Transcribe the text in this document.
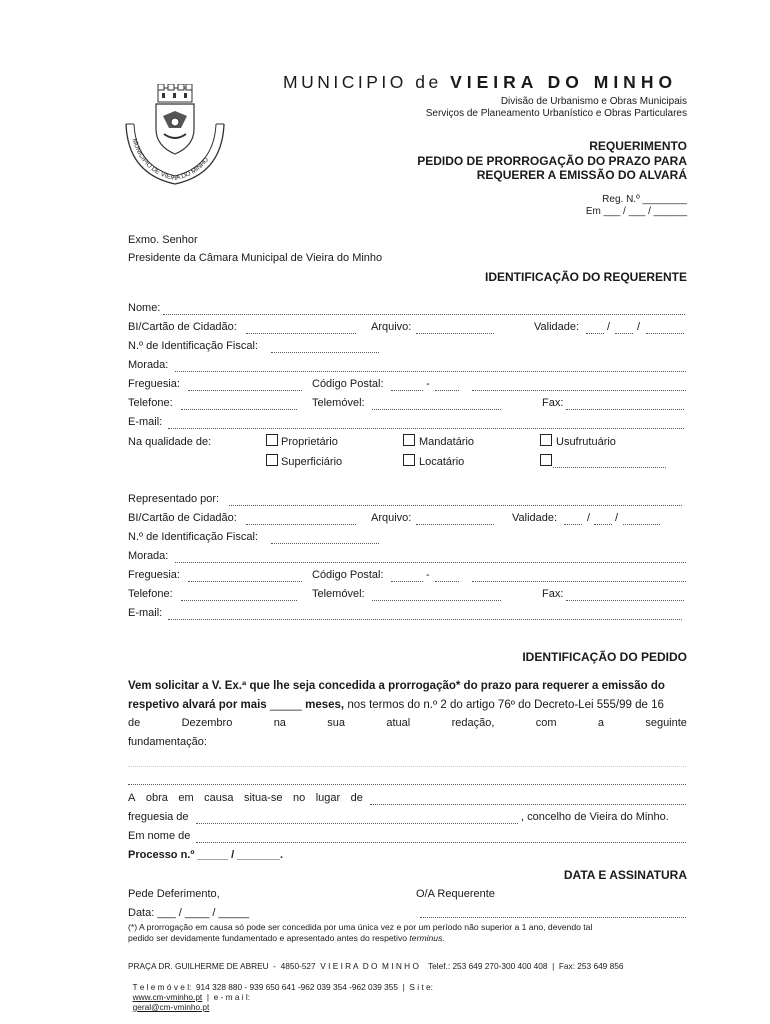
MUNICIPIO DE VIEIRA DO MINHO
MUNICIPIO de VIEIRA DO MINHO
Divisão de Urbanismo e Obras Municipais
Serviços de Planeamento Urbanístico e Obras Particulares
REQUERIMENTO
PEDIDO DE PRORROGAÇÃO DO PRAZO PARA
REQUERER A EMISSÃO DO ALVARÁ
Reg. N.º ________
Em ___ / ___ / ______
Exmo. Senhor
Presidente da Câmara Municipal de Vieira do Minho
IDENTIFICAÇÃO DO REQUERENTE
Nome:
BI/Cartão de Cidadão:	Arquivo:	Validade:	/ /
N.º de Identificação Fiscal:
Morada:
Freguesia:	Código Postal:	-
Telefone:	Telemóvel:	Fax:
E-mail:
Na qualidade de:	Proprietário	Mandatário	Usufrutuário
Superficiário	Locatário
Representado por:
BI/Cartão de Cidadão:	Arquivo:	Validade:	/ /
N.º de Identificação Fiscal:
Morada:
Freguesia:	Código Postal:	-
Telefone:	Telemóvel:	Fax:
E-mail:
IDENTIFICAÇÃO DO PEDIDO
Vem solicitar a V. Ex.ª que lhe seja concedida a prorrogação* do prazo para requerer a emissão do
respetivo alvará por mais _____ meses, nos termos do n.º 2 do artigo 76º do Decreto-Lei 555/99 de 16
de	Dezembro	na	sua	atual	redação,	com	a	seguinte
fundamentação:
A obra em causa situa-se no lugar de
freguesia de	, concelho de Vieira do Minho.
Em nome de
Processo n.º _____ / _______.
DATA E ASSINATURA
Pede Deferimento,	O/A Requerente
Data: ___ / ____ / _____
(*) A prorrogação em causa só pode ser concedida por uma única vez e por um período não superior a 1 ano, devendo tal
pedido ser devidamente fundamentado e apresentado antes do respetivo terminus.
PRAÇA DR. GUILHERME DE ABREU  -  4850-527  V I E I R A  D O  M I N H O    Telef.: 253 649 270-300 400 408  |  Fax: 253 649 856

T e l e m ó v e l:  914 328 880 - 939 650 641 -962 039 354 -962 039 355  |  S i t e:
www.cm-vminho.pt  |  e - m a i l:
geral@cm-vminho.pt
